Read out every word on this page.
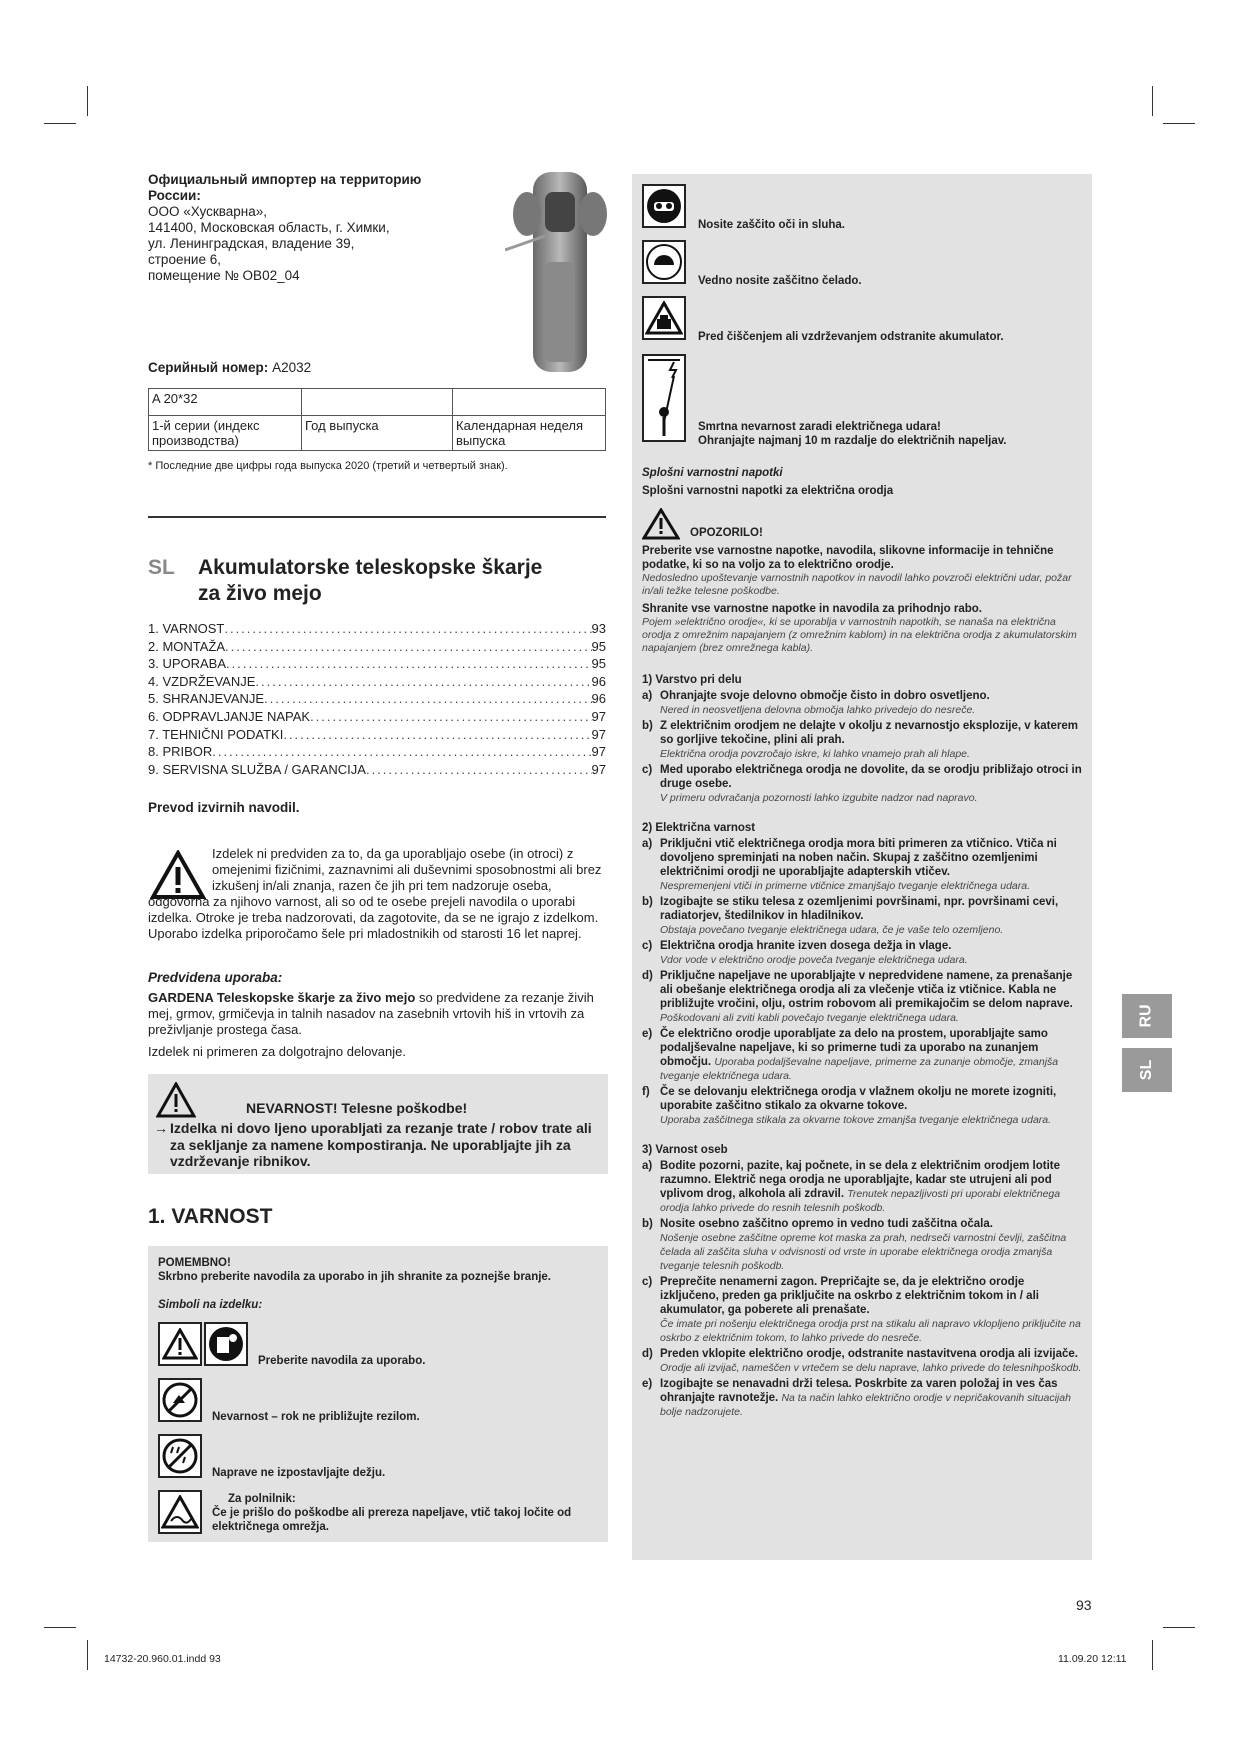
Официальный импортер на территорию
России:
ООО «Хускварна»,
141400, Московская область, г. Химки,
ул. Ленинградская, владение 39,
строение 6,
помещение № ОВ02_04
Серийный номер: A2032
A 20*32		
1-й серии (индекс производства)	Год выпуска	Календарная неделя выпуска
* Последние две цифры года выпуска 2020 (третий и четвертый знак).
SL Akumulatorske teleskopske škarje
za živo mejo
1. VARNOST .....	93
2. MONTAŽA .....	95
3. UPORABA .....	95
4. VZDRŽEVANJE .....	96
5. SHRANJEVANJE .....	96
6. ODPRAVLJANJE NAPAK .....	97
7. TEHNIČNI PODATKI .....	97
8. PRIBOR .....	97
9. SERVISNA SLUŽBA / GARANCIJA .....	97
Prevod izvirnih navodil.
Izdelek ni predviden za to, da ga uporabljajo osebe (in otroci) z omejenimi fizičnimi, zaznavnimi ali duševnimi sposobnostmi ali brez izkušenj in/ali znanja, razen če jih pri tem nadzoruje oseba,
odgovorna za njihovo varnost, ali so od te osebe prejeli navodila o uporabi izdelka. Otroke je treba nadzorovati, da zagotovite, da se ne igrajo z izdelkom. Uporabo izdelka priporočamo šele pri mladostnikih od starosti 16 let naprej.
Predvidena uporaba:
GARDENA Teleskopske škarje za živo mejo so predvidene za rezanje živih mej, grmov, grmičevja in talnih nasadov na zasebnih vrtovih hiš in vrtovih za preživljanje prostega časa.
Izdelek ni primeren za dolgotrajno delovanje.
NEVARNOST! Telesne poškodbe!
→ Izdelka ni dovo ljeno uporabljati za rezanje trate / robov trate ali za sekljanje za namene kompostiranja. Ne uporabljajte jih za vzdrževanje ribnikov.
1. VARNOST
POMEMBNO!
Skrbno preberite navodila za uporabo in jih shranite za poznejše branje.
Simboli na izdelku:
Preberite navodila za uporabo.
Nevarnost – rok ne približujte rezilom.
Naprave ne izpostavljajte dežju.
Za polnilnik:
Če je prišlo do poškodbe ali prereza napeljave, vtič takoj ločite od električnega omrežja.
Nosite zaščito oči in sluha.
Vedno nosite zaščitno čelado.
Pred čiščenjem ali vzdrževanjem odstranite akumulator.
Smrtna nevarnost zaradi električnega udara!
Ohranjajte najmanj 10 m razdalje do električnih napeljav.
Splošni varnostni napotki
Splošni varnostni napotki za električna orodja
OPOZORILO!
Preberite vse varnostne napotke, navodila, slikovne informacije in tehnične podatke, ki so na voljo za to električno orodje.
Nedosledno upoštevanje varnostnih napotkov in navodil lahko povzroči električni udar, požar in/ali težke telesne poškodbe.
Shranite vse varnostne napotke in navodila za prihodnjo rabo.
Pojem »električno orodje«, ki se uporablja v varnostnih napotkih, se nanaša na električna orodja z omrežnim napajanjem (z omrežnim kablom) in na električna orodja z akumulatorskim napajanjem (brez omrežnega kabla).
1) Varstvo pri delu
a) Ohranjajte svoje delovno območje čisto in dobro osvetljeno.
Nered in neosvetljena delovna območja lahko privedejo do nesreče.
b) Z električnim orodjem ne delajte v okolju z nevarnostjo eksplozije, v katerem so gorljive tekočine, plini ali prah.
Električna orodja povzročajo iskre, ki lahko vnamejo prah ali hlape.
c) Med uporabo električnega orodja ne dovolite, da se orodju približajo otroci in druge osebe.
V primeru odvračanja pozornosti lahko izgubite nadzor nad napravo.
2) Električna varnost
a) Priključni vtič električnega orodja mora biti primeren za vtičnico. Vtiča ni dovoljeno spreminjati na noben način. Skupaj z zaščitno ozemljenimi električnimi orodji ne uporabljajte adapterskih vtičev.
Nespremenjeni vtiči in primerne vtičnice zmanjšajo tveganje električnega udara.
b) Izogibajte se stiku telesa z ozemljenimi površinami, npr. površinami cevi, radiatorjev, štedilnikov in hladilnikov.
Obstaja povečano tveganje električnega udara, če je vaše telo ozemljeno.
c) Električna orodja hranite izven dosega dežja in vlage.
Vdor vode v električno orodje poveča tveganje električnega udara.
d) Priključne napeljave ne uporabljajte v nepredvidene namene, za prenašanje ali obešanje električnega orodja ali za vlečenje vtiča iz vtičnice. Kabla ne približujte vročini, olju, ostrim robovom ali premikajočim se delom naprave.
Poškodovani ali zviti kabli povečajo tveganje električnega udara.
e) Če električno orodje uporabljate za delo na prostem, uporabljajte samo podaljševalne napeljave, ki so primerne tudi za uporabo na zunanjem območju. Uporaba podaljševalne napeljave, primerne za zunanje območje, zmanjša tveganje električnega udara.
f) Če se delovanju električnega orodja v vlažnem okolju ne morete izogniti, uporabite zaščitno stikalo za okvarne tokove.
Uporaba zaščitnega stikala za okvarne tokove zmanjša tveganje električnega udara.
3) Varnost oseb
a) Bodite pozorni, pazite, kaj počnete, in se dela z električnim orodjem lotite razumno. Električ nega orodja ne uporabljajte, kadar ste utrujeni ali pod vplivom drog, alkohola ali zdravil. Trenutek nepazljivosti pri uporabi električnega orodja lahko privede do resnih telesnih poškodb.
b) Nosite osebno zaščitno opremo in vedno tudi zaščitna očala.
Nošenje osebne zaščitne opreme kot maska za prah, nedrseči varnostni čevlji, zaščitna čelada ali zaščita sluha v odvisnosti od vrste in uporabe električnega orodja zmanjša tveganje telesnih poškodb.
c) Preprečite nenamerni zagon. Prepričajte se, da je električno orodje izključeno, preden ga priključite na oskrbo z električnim tokom in / ali akumulator, ga poberete ali prenašate.
Če imate pri nošenju električnega orodja prst na stikalu ali napravo vklopljeno priključite na oskrbo z električnim tokom, to lahko privede do nesreče.
d) Preden vklopite električno orodje, odstranite nastavitvena orodja ali izvijače.
Orodje ali izvijač, nameščen v vrtečem se delu naprave, lahko privede do telesnihpoškodb.
e) Izogibajte se nenavadni drži telesa. Poskrbite za varen položaj in ves čas ohranjajte ravnotežje. Na ta način lahko električno orodje v nepričakovanih situacijah bolje nadzorujete.
RU
SL
93
14732-20.960.01.indd 93	11.09.20 12:11
